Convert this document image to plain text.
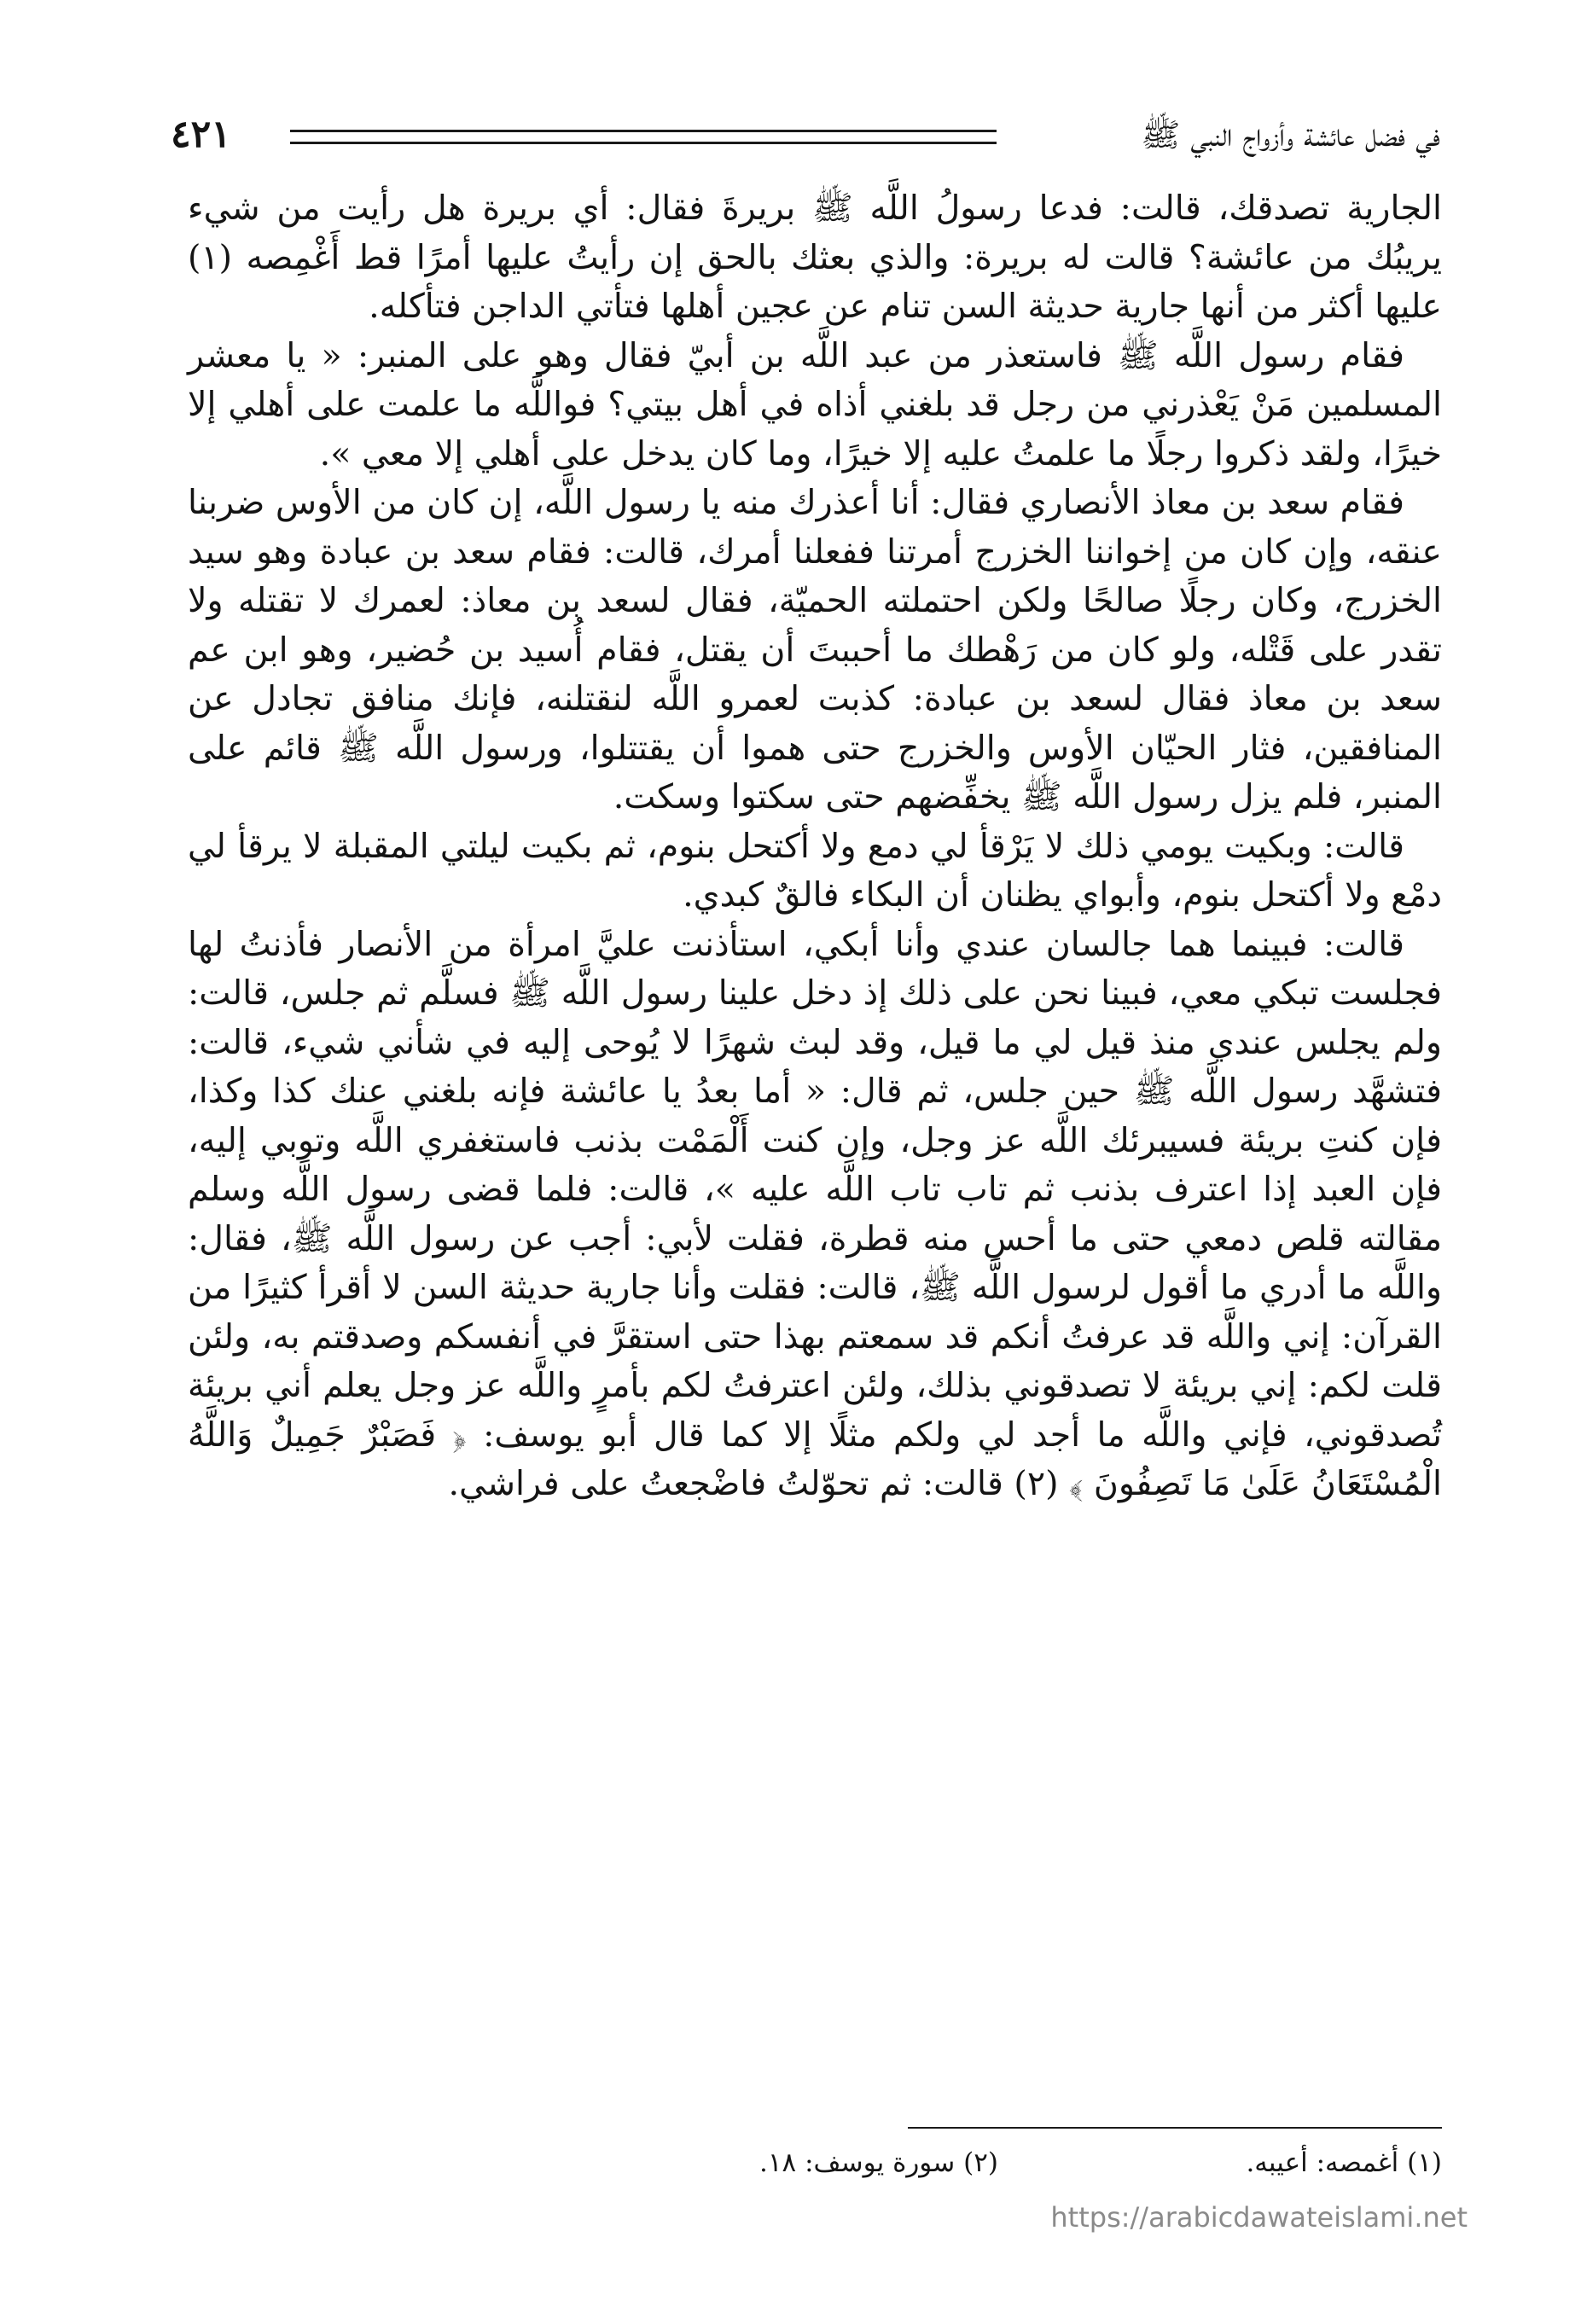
في فضل عائشة وأزواج النبي ﷺ
٤٢١

الجارية تصدقك، قالت: فدعا رسولُ اللَّه ﷺ بريرةَ فقال: أي بريرة هل رأيت من شيء يريبُك من عائشة؟ قالت له بريرة: والذي بعثك بالحق إن رأيتُ عليها أمرًا قط أَغْمِصه (١) عليها أكثر من أنها جارية حديثة السن تنام عن عجين أهلها فتأتي الداجن فتأكله.

فقام رسول اللَّه ﷺ فاستعذر من عبد اللَّه بن أبيّ فقال وهو على المنبر: « يا معشر المسلمين مَنْ يَعْذرني من رجل قد بلغني أذاه في أهل بيتي؟ فواللَّه ما علمت على أهلي إلا خيرًا، ولقد ذكروا رجلًا ما علمتُ عليه إلا خيرًا، وما كان يدخل على أهلي إلا معي ».

فقام سعد بن معاذ الأنصاري فقال: أنا أعذرك منه يا رسول اللَّه، إن كان من الأوس ضربنا عنقه، وإن كان من إخواننا الخزرج أمرتنا ففعلنا أمرك، قالت: فقام سعد بن عبادة وهو سيد الخزرج، وكان رجلًا صالحًا ولكن احتملته الحميّة، فقال لسعد بن معاذ: لعمرك لا تقتله ولا تقدر على قَتْله، ولو كان من رَهْطك ما أحببتَ أن يقتل، فقام أُسيد بن حُضير، وهو ابن عم سعد بن معاذ فقال لسعد بن عبادة: كذبت لعمرو اللَّه لنقتلنه، فإنك منافق تجادل عن المنافقين، فثار الحيّان الأوس والخزرج حتى هموا أن يقتتلوا، ورسول اللَّه ﷺ قائم على المنبر، فلم يزل رسول اللَّه ﷺ يخفِّضهم حتى سكتوا وسكت.

قالت: وبكيت يومي ذلك لا يَرْقأ لي دمع ولا أكتحل بنوم، ثم بكيت ليلتي المقبلة لا يرقأ لي دمْع ولا أكتحل بنوم، وأبواي يظنان أن البكاء فالقٌ كبدي.

قالت: فبينما هما جالسان عندي وأنا أبكي، استأذنت عليَّ امرأة من الأنصار فأذنتُ لها فجلست تبكي معي، فبينا نحن على ذلك إذ دخل علينا رسول اللَّه ﷺ فسلَّم ثم جلس، قالت: ولم يجلس عندي منذ قيل لي ما قيل، وقد لبث شهرًا لا يُوحى إليه في شأني شيء، قالت: فتشهَّد رسول اللَّه ﷺ حين جلس، ثم قال: « أما بعدُ يا عائشة فإنه بلغني عنك كذا وكذا، فإن كنتِ بريئة فسيبرئك اللَّه عز وجل، وإن كنت أَلْمَمْت بذنب فاستغفري اللَّه وتوبي إليه، فإن العبد إذا اعترف بذنب ثم تاب تاب اللَّه عليه »، قالت: فلما قضى رسول اللَّه وسلم مقالته قلص دمعي حتى ما أحس منه قطرة، فقلت لأبي: أجب عن رسول اللَّه ﷺ، فقال: واللَّه ما أدري ما أقول لرسول اللَّه ﷺ، قالت: فقلت وأنا جارية حديثة السن لا أقرأ كثيرًا من القرآن: إني واللَّه قد عرفتُ أنكم قد سمعتم بهذا حتى استقرَّ في أنفسكم وصدقتم به، ولئن قلت لكم: إني بريئة لا تصدقوني بذلك، ولئن اعترفتُ لكم بأمرٍ واللَّه عز وجل يعلم أني بريئة تُصدقوني، فإني واللَّه ما أجد لي ولكم مثلًا إلا كما قال أبو يوسف: ﴿ فَصَبْرٌ جَمِيلٌ وَاللَّهُ الْمُسْتَعَانُ عَلَىٰ مَا تَصِفُونَ ﴾ (٢) قالت: ثم تحوّلتُ فاضْجعتُ على فراشي.

(١) أغمصه: أعيبه.
(٢) سورة يوسف: ١٨.
https://arabicdawateislami.net
